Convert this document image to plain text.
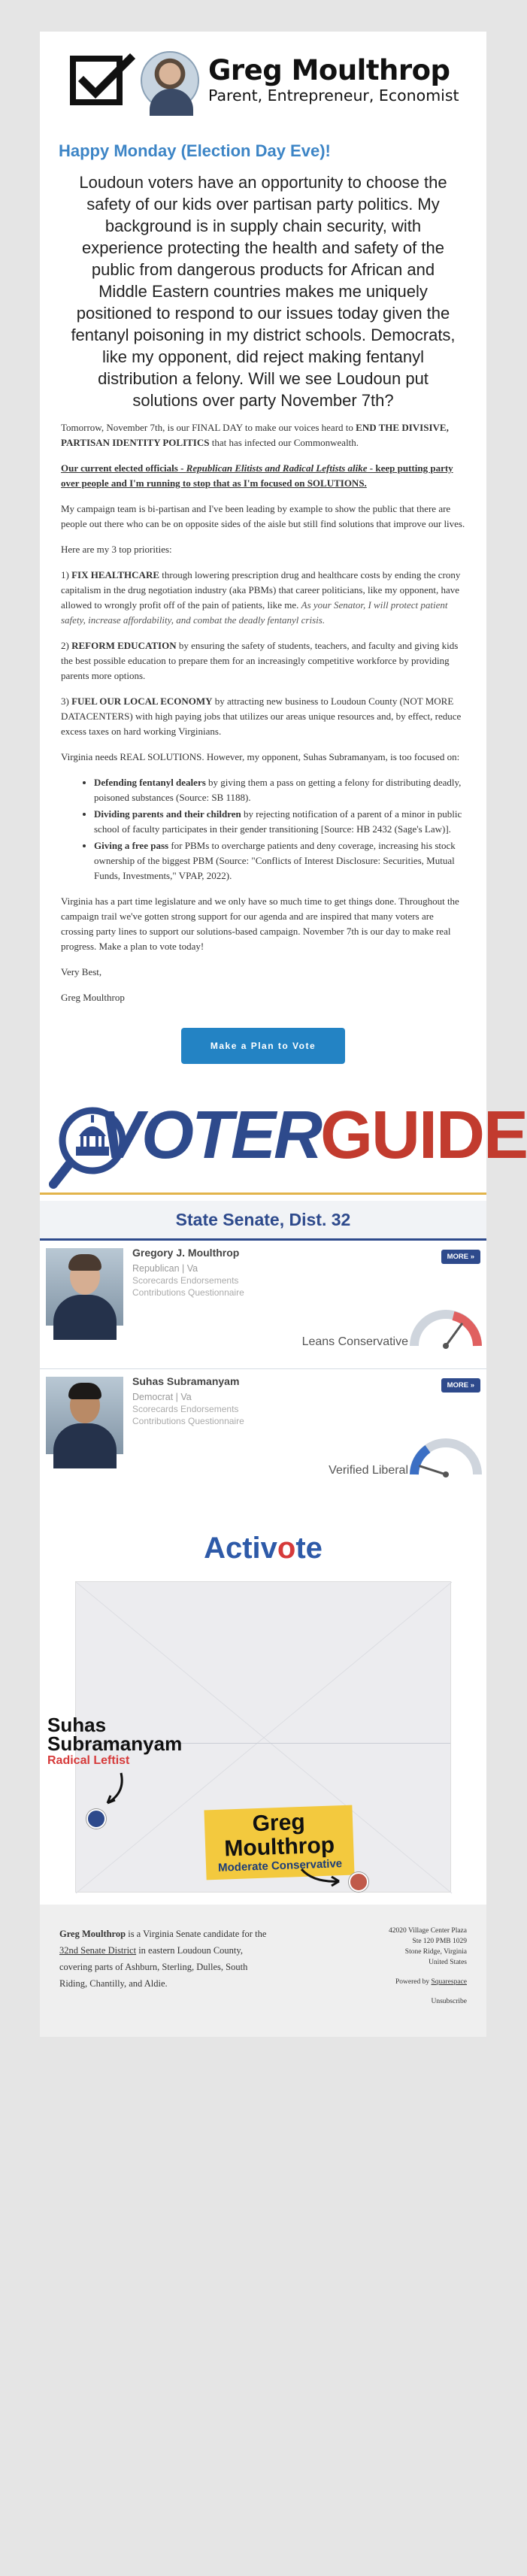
Greg Moulthrop
Parent, Entrepreneur, Economist
Happy Monday (Election Day Eve)!
Loudoun voters have an opportunity to choose the safety of our kids over partisan party politics. My background is in supply chain security, with experience protecting the health and safety of the public from dangerous products for African and Middle Eastern countries makes me uniquely positioned to respond to our issues today given the fentanyl poisoning in my district schools. Democrats, like my opponent, did reject making fentanyl distribution a felony. Will we see Loudoun put solutions over party November 7th?

Tomorrow, November 7th, is our FINAL DAY to make our voices heard to END THE DIVISIVE, PARTISAN IDENTITY POLITICS that has infected our Commonwealth.

Our current elected officials - Republican Elitists and Radical Leftists alike - keep putting party over people and I'm running to stop that as I'm focused on SOLUTIONS.

My campaign team is bi-partisan and I've been leading by example to show the public that there are people out there who can be on opposite sides of the aisle but still find solutions that improve our lives.

Here are my 3 top priorities:

1) FIX HEALTHCARE through lowering prescription drug and healthcare costs by ending the crony capitalism in the drug negotiation industry (aka PBMs) that career politicians, like my opponent, have allowed to wrongly profit off of the pain of patients, like me. As your Senator, I will protect patient safety, increase affordability, and combat the deadly fentanyl crisis.

2) REFORM EDUCATION by ensuring the safety of students, teachers, and faculty and giving kids the best possible education to prepare them for an increasingly competitive workforce by providing parents more options.

3) FUEL OUR LOCAL ECONOMY by attracting new business to Loudoun County (NOT MORE DATACENTERS) with high paying jobs that utilizes our areas unique resources and, by effect, reduce excess taxes on hard working Virginians.

Virginia needs REAL SOLUTIONS. However, my opponent, Suhas Subramanyam, is too focused on:

• Defending fentanyl dealers by giving them a pass on getting a felony for distributing deadly, poisoned substances (Source: SB 1188).
• Dividing parents and their children by rejecting notification of a parent of a minor in public school of faculty participates in their gender transitioning [Source: HB 2432 (Sage's Law)].
• Giving a free pass for PBMs to overcharge patients and deny coverage, increasing his stock ownership of the biggest PBM (Source: "Conflicts of Interest Disclosure: Securities, Mutual Funds, Investments," VPAP, 2022).

Virginia has a part time legislature and we only have so much time to get things done. Throughout the campaign trail we've gotten strong support for our agenda and are inspired that many voters are crossing party lines to support our solutions-based campaign. November 7th is our day to make real progress. Make a plan to vote today!

Very Best,

Greg Moulthrop

Make a Plan to Vote
VOTERGUIDE
State Senate, Dist. 32
Gregory J. Moulthrop
Republican | Va
Scorecards Endorsements
Contributions Questionnaire
MORE »
Leans Conservative
Suhas Subramanyam
Democrat | Va
Scorecards Endorsements
Contributions Questionnaire
MORE »
Verified Liberal
Activote
Suhas
Subramanyam
Radical Leftist
Greg
Moulthrop
Moderate Conservative
Greg Moulthrop is a Virginia Senate candidate for the 32nd Senate District in eastern Loudoun County, covering parts of Ashburn, Sterling, Dulles, South Riding, Chantilly, and Aldie.
42020 Village Center Plaza
Ste 120 PMB 1029
Stone Ridge, Virginia
United States
Powered by Squarespace
Unsubscribe
